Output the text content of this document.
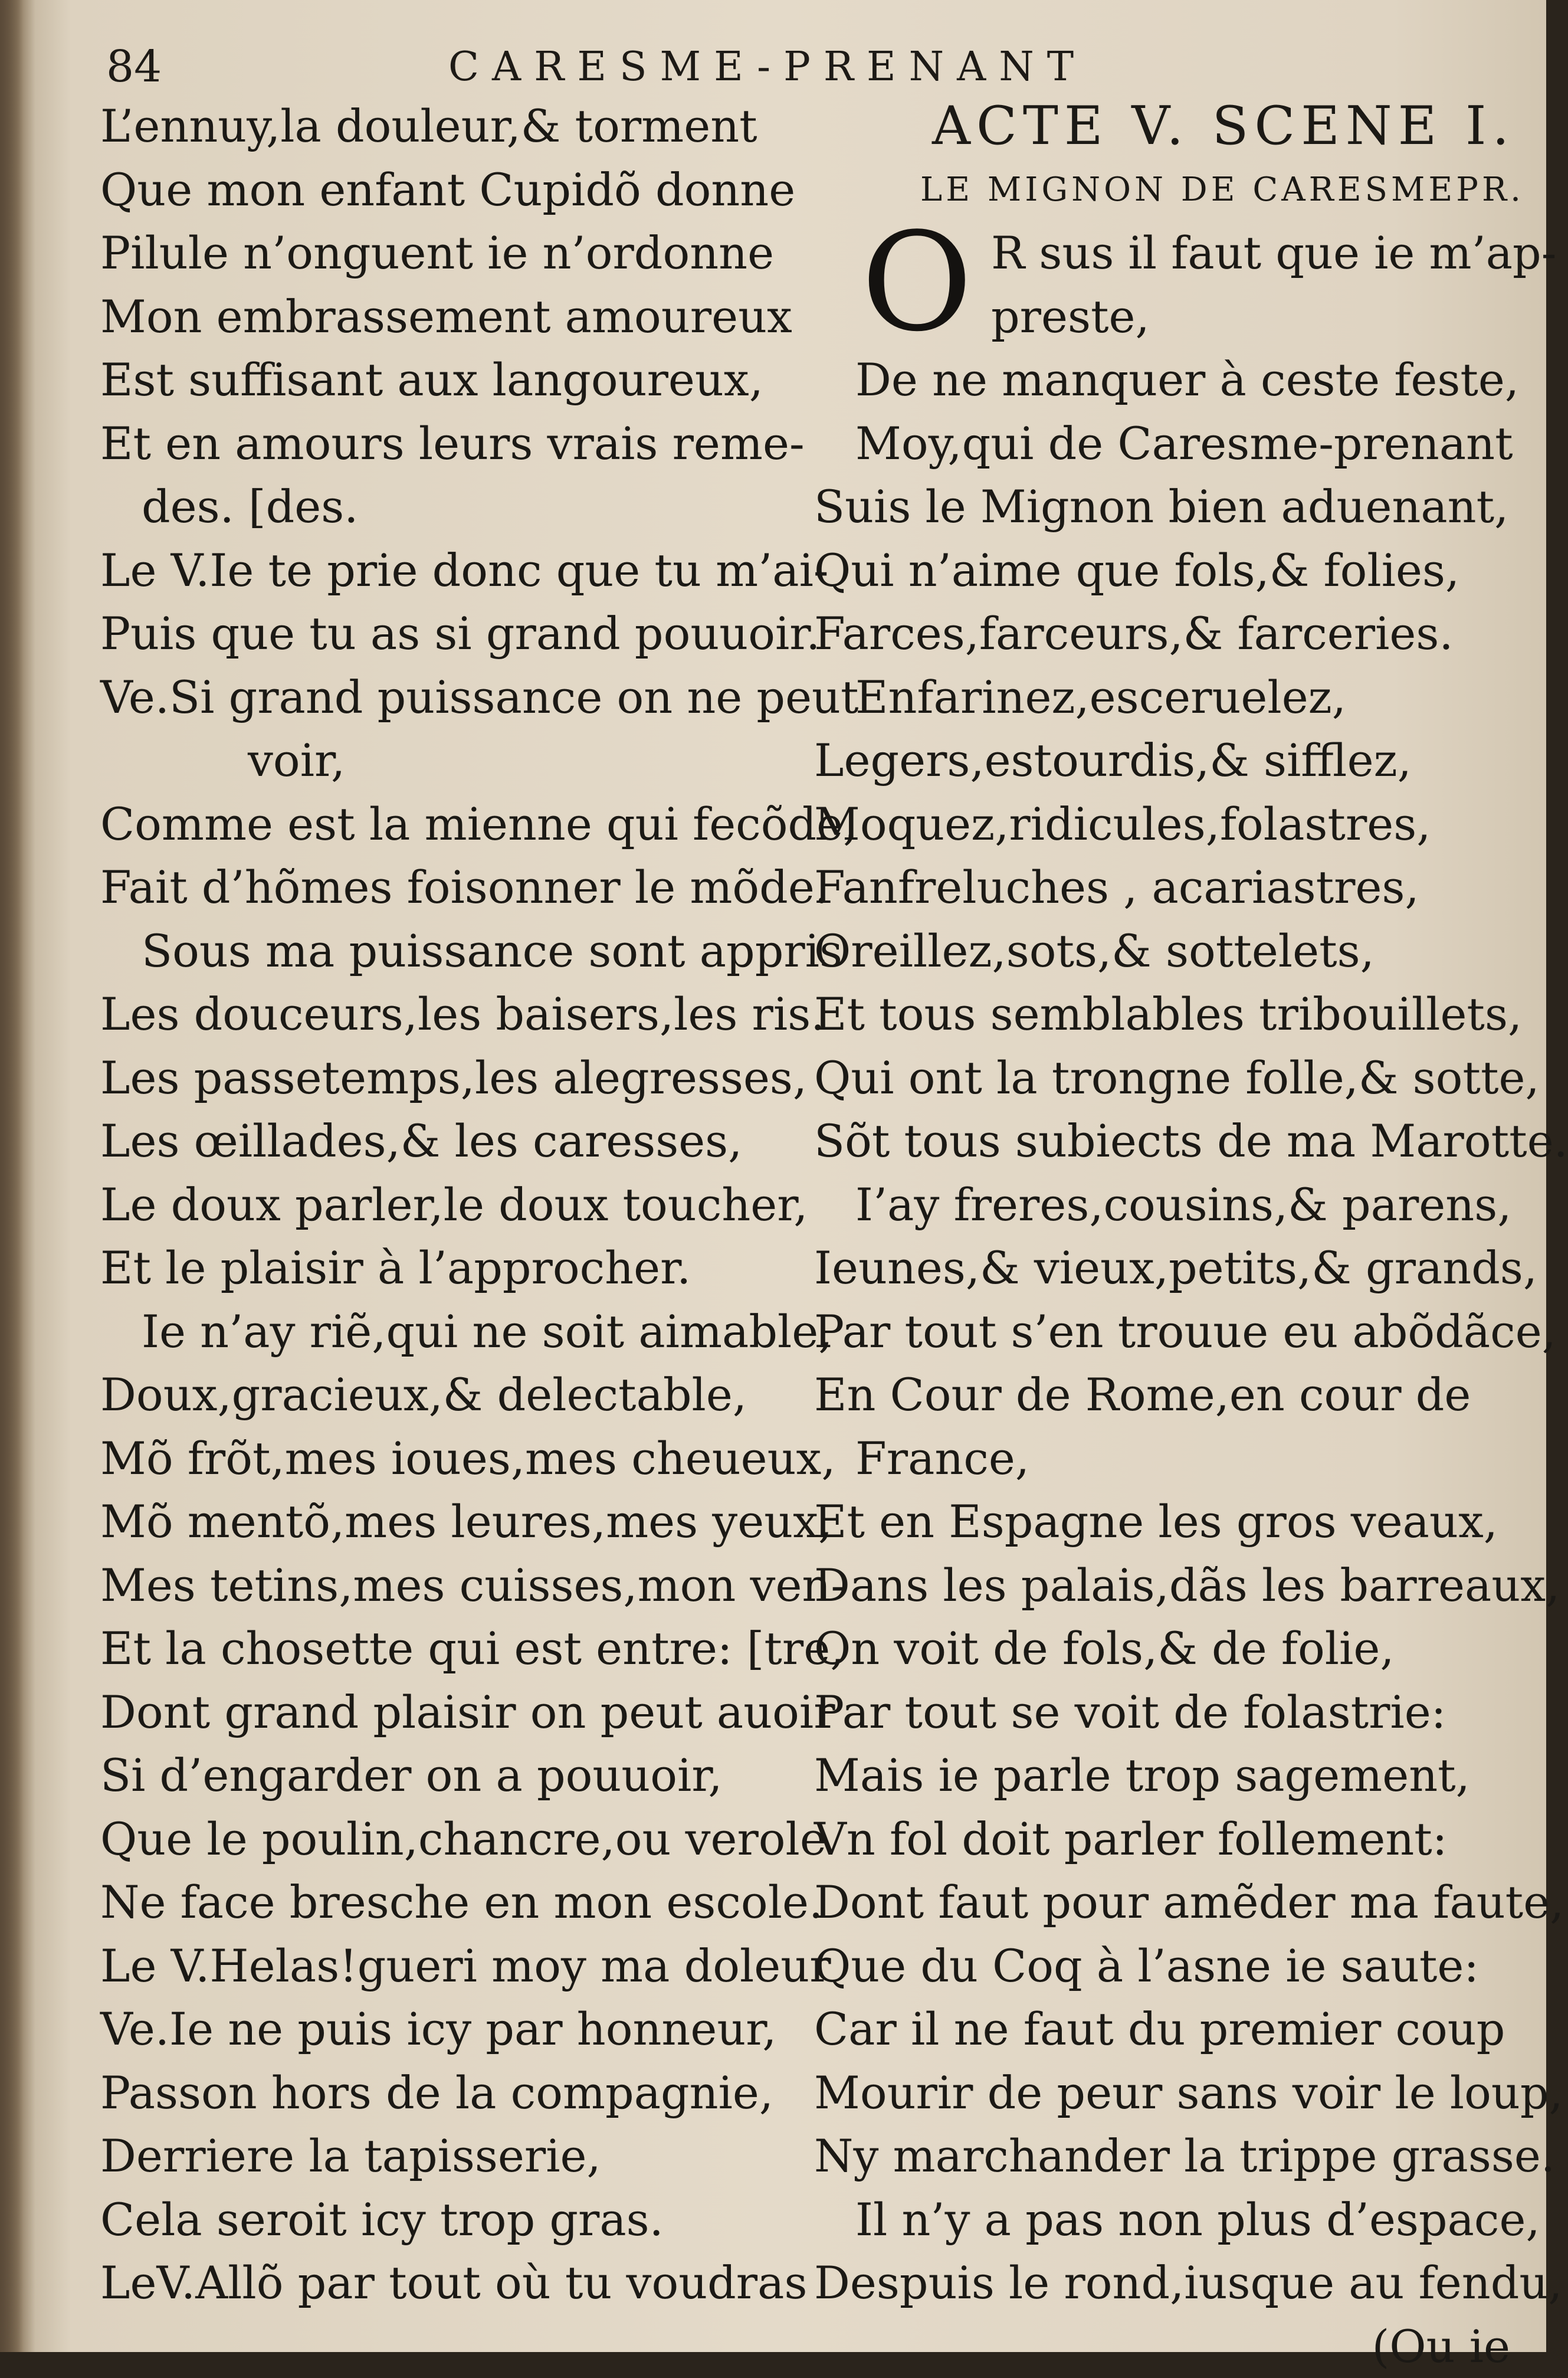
84	CARESME-PRENANT
L’ennuy,la douleur,& torment
Que mon enfant Cupidõ donne
Pilule n’onguent ie n’ordonne
Mon embrassement amoureux
Est suffisant aux langoureux,
Et en amours leurs vrais reme-
des. [des.
Le V.Ie te prie donc que tu m’ai-
Puis que tu as si grand pouuoir.
Ve.Si grand puissance on ne peut
voir,
Comme est la mienne qui fecõde,
Fait d’hõmes foisonner le mõde.
Sous ma puissance sont appris
Les douceurs,les baisers,les ris.
Les passetemps,les alegresses,
Les œillades,& les caresses,
Le doux parler,le doux toucher,
Et le plaisir à l’approcher.
Ie n’ay riẽ,qui ne soit aimable,
Doux,gracieux,& delectable,
Mõ frõt,mes ioues,mes cheueux,
Mõ mentõ,mes leures,mes yeux,
Mes tetins,mes cuisses,mon ven-
Et la chosette qui est entre: [tre,
Dont grand plaisir on peut auoir
Si d’engarder on a pouuoir,
Que le poulin,chancre,ou verole
Ne face bresche en mon escole.
Le V.Helas!gueri moy ma doleur
Ve.Ie ne puis icy par honneur,
Passon hors de la compagnie,
Derriere la tapisserie,
Cela seroit icy trop gras.
LeV.Allõ par tout où tu voudras
ACTE V. SCENE I.
LE MIGNON DE CARESMEPR.
O R sus il faut que ie m’ap-
preste,
De ne manquer à ceste feste,
Moy,qui de Caresme-prenant
Suis le Mignon bien aduenant,
Qui n’aime que fols,& folies,
Farces,farceurs,& farceries.
Enfarinez,esceruelez,
Legers,estourdis,& sifflez,
Moquez,ridicules,folastres,
Fanfreluches , acariastres,
Oreillez,sots,& sottelets,
Et tous semblables tribouillets,
Qui ont la trongne folle,& sotte,
Sõt tous subiects de ma Marotte.
I’ay freres,cousins,& parens,
Ieunes,& vieux,petits,& grands,
Par tout s’en trouue eu abõdãce,
En Cour de Rome,en cour de
France,
Et en Espagne les gros veaux,
Dans les palais,dãs les barreaux,
On voit de fols,& de folie,
Par tout se voit de folastrie:
Mais ie parle trop sagement,
Vn fol doit parler follement:
Dont faut pour amẽder ma faute,
Que du Coq à l’asne ie saute:
Car il ne faut du premier coup
Mourir de peur sans voir le loup,
Ny marchander la trippe grasse.
Il n’y a pas non plus d’espace,
Despuis le rond,iusque au fendu,
(Ou ie
